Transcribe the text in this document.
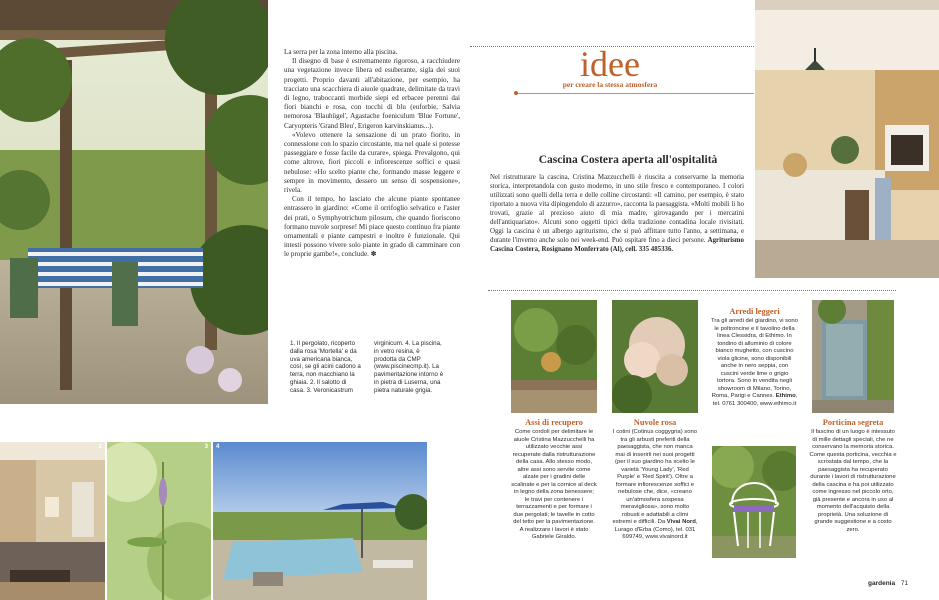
La serra per la zona interno alla piscina.

Il disegno di base è estremamente rigoroso, a racchiudere una vegetazione invece libera ed esuberante, sigla dei suoi progetti. Proprio davanti all'abitazione, per esempio, ha tracciato una scacchiera di aiuole quadrate, delimitate da travi di legno, traboccanti morbide siepi ed erbacee perenni dai fiori bianchi e rosa, con tocchi di blu (euforbie, Salvia nemorosa 'Blauhügel', Agastache foeniculum 'Blue Fortune', Caryopteris 'Grand Bleu', Erigeron karvinskianus...).

«Volevo ottenere la sensazione di un prato fiorito, in connessione con lo spazio circostante, ma nel quale si potesse passeggiare e fosse facile da curare», spiega. Prevalgono, qui come altrove, fiori piccoli e infiorescenze soffici e quasi nebulose: «Ho scelto piante che, formando masse leggere e sempre in movimento, dessero un senso di sospensione», rivela.

Con il tempo, ho lasciato che alcune piante spontanee entrassero in giardino: «Come il orrifoglio selvatico e l'aster dei prati, o Symphyotrichum pilosum, che quando fioriscono formano nuvole sorprese! Mi piace questo continuo fra piante ornamentali e piante campestri e inoltre è funzionale. Qui intesti possono vivere solo piante in grado di camminare con le proprie gambe!», conclude. ✽

1. Il pergolato, ricoperto dalla rosa 'Mortella' e da uva americana bianca, così, se gli acini cadono a terra, non macchiano la ghiaia. 2. Il salotto di casa. 3. Veronicastrum
virginicum. 4. La piscina, in vetro resina, è prodotta da CMP (www.piscinecmp.it). La pavimentazione intorno è in pietra di Luserna, una pietra naturale grigia.
2	3 4
idee
per creare la stessa atmosfera
Cascina Costera aperta all'ospitalità
Nel ristrutturare la cascina, Cristina Mazzucchelli è riuscita a conservarne la memoria storica, interpretandola con gusto moderno, in uno stile fresco e contemporaneo. I colori utilizzati sono quelli della terra e delle colline circostanti: «Il camino, per esempio, è stato riportato a nuova vita dipingendolo di azzurro», racconta la paesaggista. «Molti mobili li ho trovati, grazie al prezioso aiuto di mia madre, girovagando per i mercatini dell'antiquariato». Alcuni sono oggetti tipici della tradizione contadina locale rivisitati. Oggi la cascina è un albergo agriturismo, che si può affittare tutto l'anno, a settimana, e durante l'inverno anche solo nei week-end. Può ospitare fino a dieci persone. Agriturismo Cascina Costera, Rosignano Monferrato (Al), cell. 335 485336.
Arredi leggeri
Tra gli arredi del giardino, vi sono le poltroncine e il tavolino della linea Clessidra, di Ethimo. In tondino di alluminio di colore bianco mughetto, con cuscino viola glicine, sono disponibili anche in nero seppia, con cuscini verde lime o grigio tortora. Sono in vendita negli showroom di Milano, Torino, Roma, Parigi e Cannes. Ethimo, tel. 0761 300400, www.ethimo.it
Assi di recupero
Come cordoli per delimitare le aiuole Cristina Mazzucchelli ha utilizzato vecchie assi recuperate dalla ristrutturazione della casa. Allo stesso modo, altre assi sono servite come alzate per i gradini delle scalinate e per la cornice al deck in legno della zona benessere; le travi per contenere i terrazzamenti e per formare i due pergolati; le tavelle in cotto del tetto per la pavimentazione. A realizzare i lavori è stato Gabriele Giraldo.
Nuvole rosa
I cotini (Cotinus coggygria) sono tra gli arbusti preferiti della paesaggista, che non manca mai di inserirli nei suoi progetti (per il suo giardino ha scelto le varietà 'Young Lady', 'Red Purple' e 'Red Spirit'). Oltre a formare infiorescenze soffici e nebulose che, dice, «creano un'atmosfera sospesa meravigliosa», sono molto robusti e adattabili a climi estremi e difficili. Da Vivai Nord, Lurago d'Erba (Como), tel. 031 699749, www.vivainord.it
Porticina segreta
Il fascino di un luogo è intessuto di mille dettagli speciali, che ne conservano la memoria storica. Come questa porticina, vecchia e scrostata dal tempo, che la paesaggista ha recuperato durante i lavori di ristrutturazione della cascina e ha poi utilizzato come ingresso nel piccolo orto, già presente e ancora in uso al momento dell'acquisto della proprietà. Una soluzione di grande suggestione e a costo zero.
gardenia 71
